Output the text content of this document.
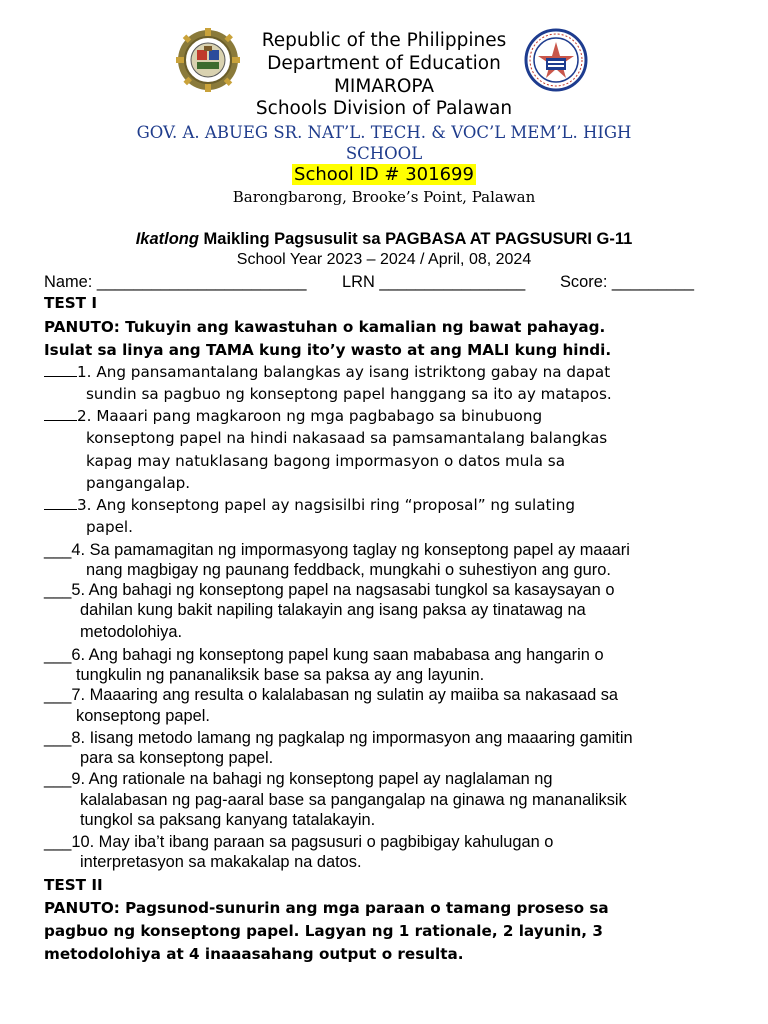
Republic of the Philippines
Department of Education
MIMAROPA
Schools Division of Palawan
GOV. A. ABUEG SR. NAT’L. TECH. & VOC’L MEM’L. HIGH
SCHOOL
School ID # 301699
Barongbarong, Brooke’s Point, Palawan
Ikatlong Maikling Pagsusulit sa PAGBASA AT PAGSUSURI G-11
School Year 2023 – 2024 / April, 08, 2024
Name: _______________________ LRN ________________ Score: _________
TEST I
PANUTO: Tukuyin ang kawastuhan o kamalian ng bawat pahayag.
Isulat sa linya ang TAMA kung ito’y wasto at ang MALI kung hindi.
1. Ang pansamantalang balangkas ay isang istriktong gabay na dapat
sundin sa pagbuo ng konseptong papel hanggang sa ito ay matapos.
2. Maaari pang magkaroon ng mga pagbabago sa binubuong
konseptong papel na hindi nakasaad sa pamsamantalang balangkas
kapag may natuklasang bagong impormasyon o datos mula sa
pangangalap.
3. Ang konseptong papel ay nagsisilbi ring “proposal” ng sulating
papel.
___4. Sa pamamagitan ng impormasyong taglay ng konseptong papel ay maaari
nang magbigay ng paunang feddback, mungkahi o suhestiyon ang guro.
___5. Ang bahagi ng konseptong papel na nagsasabi tungkol sa kasaysayan o
dahilan kung bakit napiling talakayin ang isang paksa ay tinatawag na
metodolohiya.
___6. Ang bahagi ng konseptong papel kung saan mababasa ang hangarin o
tungkulin ng pananaliksik base sa paksa ay ang layunin.
___7. Maaaring ang resulta o kalalabasan ng sulatin ay maiiba sa nakasaad sa
konseptong papel.
___8. Iisang metodo lamang ng pagkalap ng impormasyon ang maaaring gamitin
para sa konseptong papel.
___9. Ang rationale na bahagi ng konseptong papel ay naglalaman ng
kalalabasan ng pag-aaral base sa pangangalap na ginawa ng mananaliksik
tungkol sa paksang kanyang tatalakayin.
___10. May iba’t ibang paraan sa pagsusuri o pagbibigay kahulugan o
interpretasyon sa makakalap na datos.
TEST II
PANUTO: Pagsunod-sunurin ang mga paraan o tamang proseso sa
pagbuo ng konseptong papel. Lagyan ng 1 rationale, 2 layunin, 3
metodolohiya at 4 inaaasahang output o resulta.
